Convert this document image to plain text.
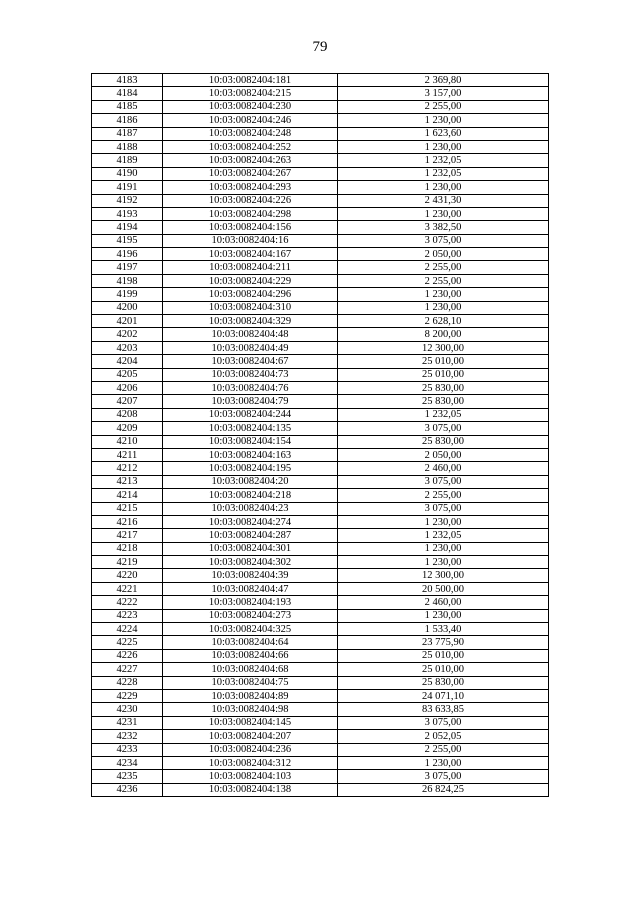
79
4183	10:03:0082404:181	2 369,80
4184	10:03:0082404:215	3 157,00
4185	10:03:0082404:230	2 255,00
4186	10:03:0082404:246	1 230,00
4187	10:03:0082404:248	1 623,60
4188	10:03:0082404:252	1 230,00
4189	10:03:0082404:263	1 232,05
4190	10:03:0082404:267	1 232,05
4191	10:03:0082404:293	1 230,00
4192	10:03:0082404:226	2 431,30
4193	10:03:0082404:298	1 230,00
4194	10:03:0082404:156	3 382,50
4195	10:03:0082404:16	3 075,00
4196	10:03:0082404:167	2 050,00
4197	10:03:0082404:211	2 255,00
4198	10:03:0082404:229	2 255,00
4199	10:03:0082404:296	1 230,00
4200	10:03:0082404:310	1 230,00
4201	10:03:0082404:329	2 628,10
4202	10:03:0082404:48	8 200,00
4203	10:03:0082404:49	12 300,00
4204	10:03:0082404:67	25 010,00
4205	10:03:0082404:73	25 010,00
4206	10:03:0082404:76	25 830,00
4207	10:03:0082404:79	25 830,00
4208	10:03:0082404:244	1 232,05
4209	10:03:0082404:135	3 075,00
4210	10:03:0082404:154	25 830,00
4211	10:03:0082404:163	2 050,00
4212	10:03:0082404:195	2 460,00
4213	10:03:0082404:20	3 075,00
4214	10:03:0082404:218	2 255,00
4215	10:03:0082404:23	3 075,00
4216	10:03:0082404:274	1 230,00
4217	10:03:0082404:287	1 232,05
4218	10:03:0082404:301	1 230,00
4219	10:03:0082404:302	1 230,00
4220	10:03:0082404:39	12 300,00
4221	10:03:0082404:47	20 500,00
4222	10:03:0082404:193	2 460,00
4223	10:03:0082404:273	1 230,00
4224	10:03:0082404:325	1 533,40
4225	10:03:0082404:64	23 775,90
4226	10:03:0082404:66	25 010,00
4227	10:03:0082404:68	25 010,00
4228	10:03:0082404:75	25 830,00
4229	10:03:0082404:89	24 071,10
4230	10:03:0082404:98	83 633,85
4231	10:03:0082404:145	3 075,00
4232	10:03:0082404:207	2 052,05
4233	10:03:0082404:236	2 255,00
4234	10:03:0082404:312	1 230,00
4235	10:03:0082404:103	3 075,00
4236	10:03:0082404:138	26 824,25
